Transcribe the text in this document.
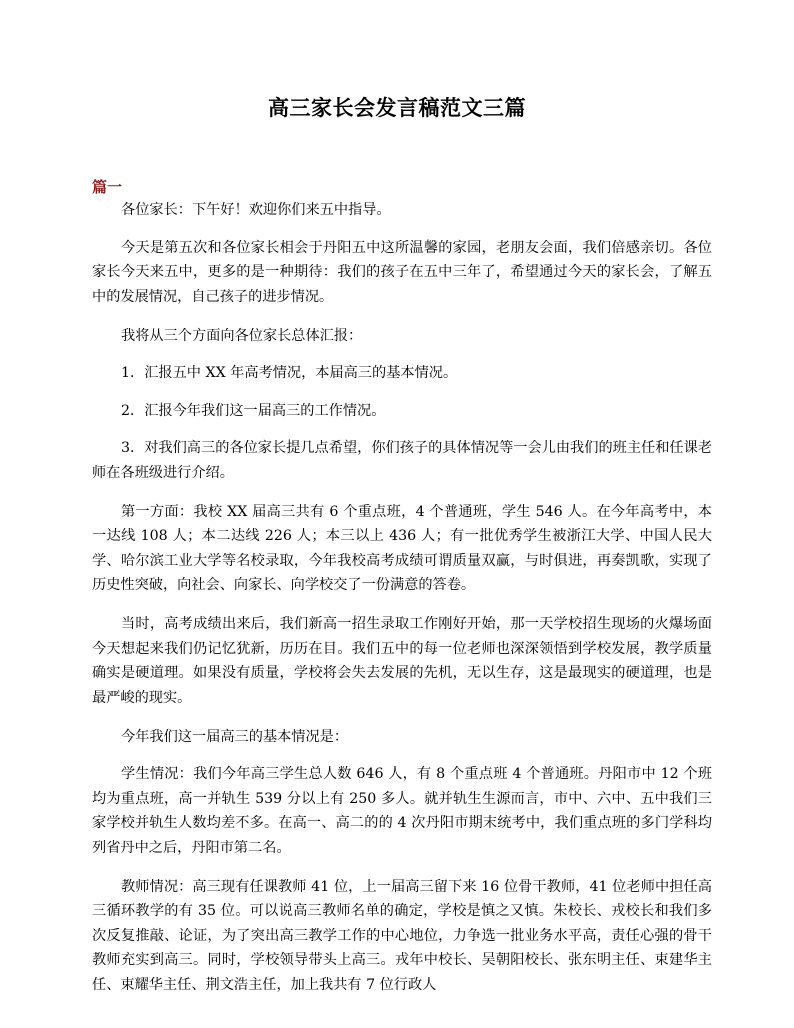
高三家长会发言稿范文三篇
篇一

各位家长：下午好！欢迎你们来五中指导。

今天是第五次和各位家长相会于丹阳五中这所温馨的家园，老朋友会面，我们倍感亲切。各位家长今天来五中，更多的是一种期待：我们的孩子在五中三年了，希望通过今天的家长会，了解五中的发展情况，自己孩子的进步情况。

我将从三个方面向各位家长总体汇报：

1．汇报五中 XX 年高考情况，本届高三的基本情况。

2．汇报今年我们这一届高三的工作情况。

3．对我们高三的各位家长提几点希望，你们孩子的具体情况等一会儿由我们的班主任和任课老师在各班级进行介绍。

第一方面：我校 XX 届高三共有 6 个重点班，4 个普通班，学生 546 人。在今年高考中，本一达线 108 人；本二达线 226 人；本三以上 436 人；有一批优秀学生被浙江大学、中国人民大学、哈尔滨工业大学等名校录取，今年我校高考成绩可谓质量双赢，与时俱进，再奏凯歌，实现了历史性突破，向社会、向家长、向学校交了一份满意的答卷。

当时，高考成绩出来后，我们新高一招生录取工作刚好开始，那一天学校招生现场的火爆场面今天想起来我们仍记忆犹新，历历在目。我们五中的每一位老师也深深领悟到学校发展，教学质量确实是硬道理。如果没有质量，学校将会失去发展的先机，无以生存，这是最现实的硬道理，也是最严峻的现实。

今年我们这一届高三的基本情况是：

学生情况：我们今年高三学生总人数 646 人，有 8 个重点班 4 个普通班。丹阳市中 12 个班均为重点班，高一并轨生 539 分以上有 250 多人。就并轨生生源而言，市中、六中、五中我们三家学校并轨生人数均差不多。在高一、高二的的 4 次丹阳市期末统考中，我们重点班的多门学科均列省丹中之后，丹阳市第二名。

教师情况：高三现有任课教师 41 位，上一届高三留下来 16 位骨干教师，41 位老师中担任高三循环教学的有 35 位。可以说高三教师名单的确定，学校是慎之又慎。朱校长、戎校长和我们多次反复推敲、论证，为了突出高三教学工作的中心地位，力争选一批业务水平高，责任心强的骨干教师充实到高三。同时，学校领导带头上高三。戎年中校长、吴朝阳校长、张东明主任、束建华主任、束耀华主任、荆文浩主任，加上我共有 7 位行政人
